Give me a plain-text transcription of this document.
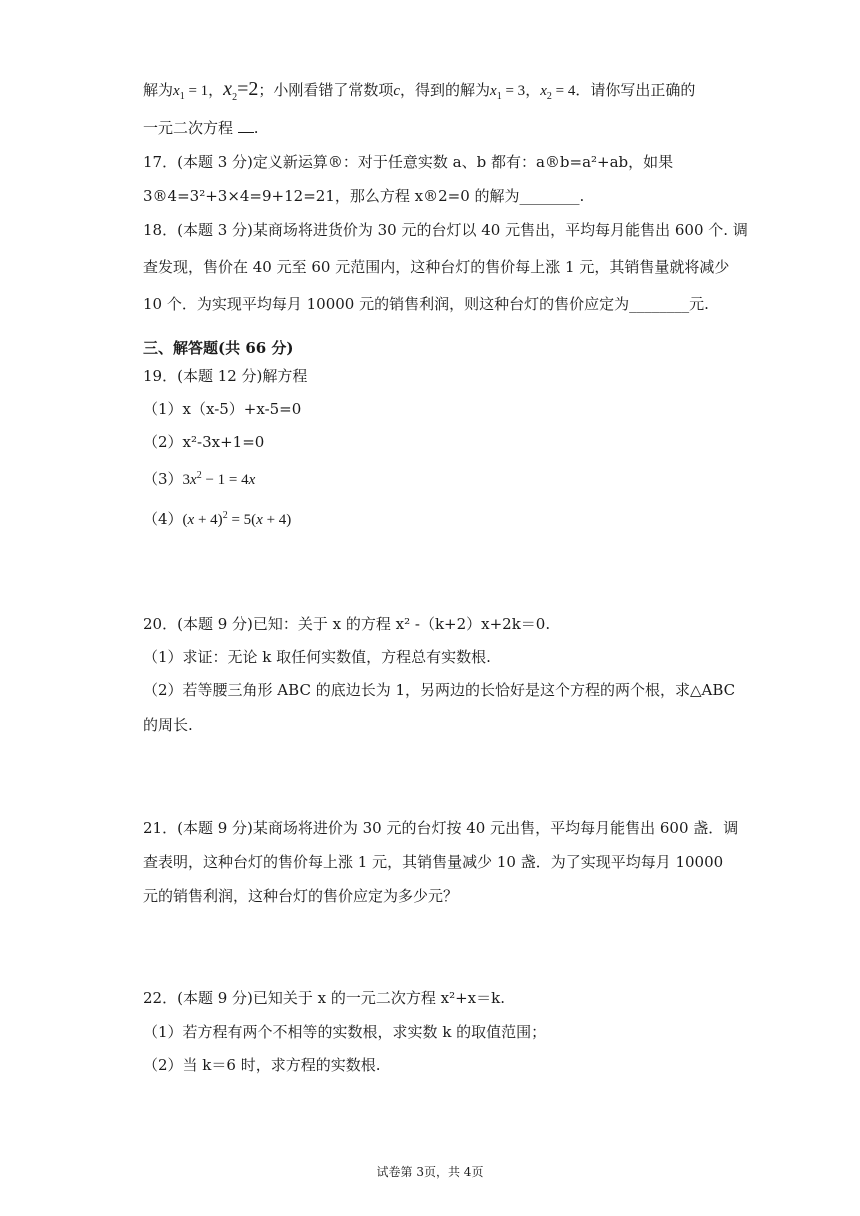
解为$x_1 = 1$，$x_2=2$；小刚看错了常数项c，得到的解为$x_1 = 3$，$x_2 = 4$．请你写出正确的
一元二次方程 .
17．(本题 3 分)定义新运算®：对于任意实数 a、b 都有：a®b=a²+ab，如果
3®4=3²+3×4=9+12=21，那么方程 x®2=0 的解为________.
18．(本题 3 分)某商场将进货价为 30 元的台灯以 40 元售出，平均每月能售出 600 个. 调
查发现，售价在 40 元至 60 元范围内，这种台灯的售价每上涨 1 元，其销售量就将减少
10 个．为实现平均每月 10000 元的销售利润，则这种台灯的售价应定为________元.
三、解答题(共 66 分)
19．(本题 12 分)解方程
（1）x（x-5）+x-5=0
（2）x²-3x+1=0
$(3)3x^2 - 1 = 4x$
$(4)(x + 4)^2 = 5(x + 4)$
20．(本题 9 分)已知：关于 x 的方程 x² -（k+2）x+2k＝0.
（1）求证：无论 k 取任何实数值，方程总有实数根.
（2）若等腰三角形 ABC 的底边长为 1，另两边的长恰好是这个方程的两个根，求△ABC
的周长.
21．(本题 9 分)某商场将进价为 30 元的台灯按 40 元出售，平均每月能售出 600 盏．调
查表明，这种台灯的售价每上涨 1 元，其销售量减少 10 盏．为了实现平均每月 10000
元的销售利润，这种台灯的售价应定为多少元？
22．(本题 9 分)已知关于 x 的一元二次方程 x²+x＝k.
（1）若方程有两个不相等的实数根，求实数 k 的取值范围；
（2）当 k＝6 时，求方程的实数根.
试卷第 3页，共 4页
